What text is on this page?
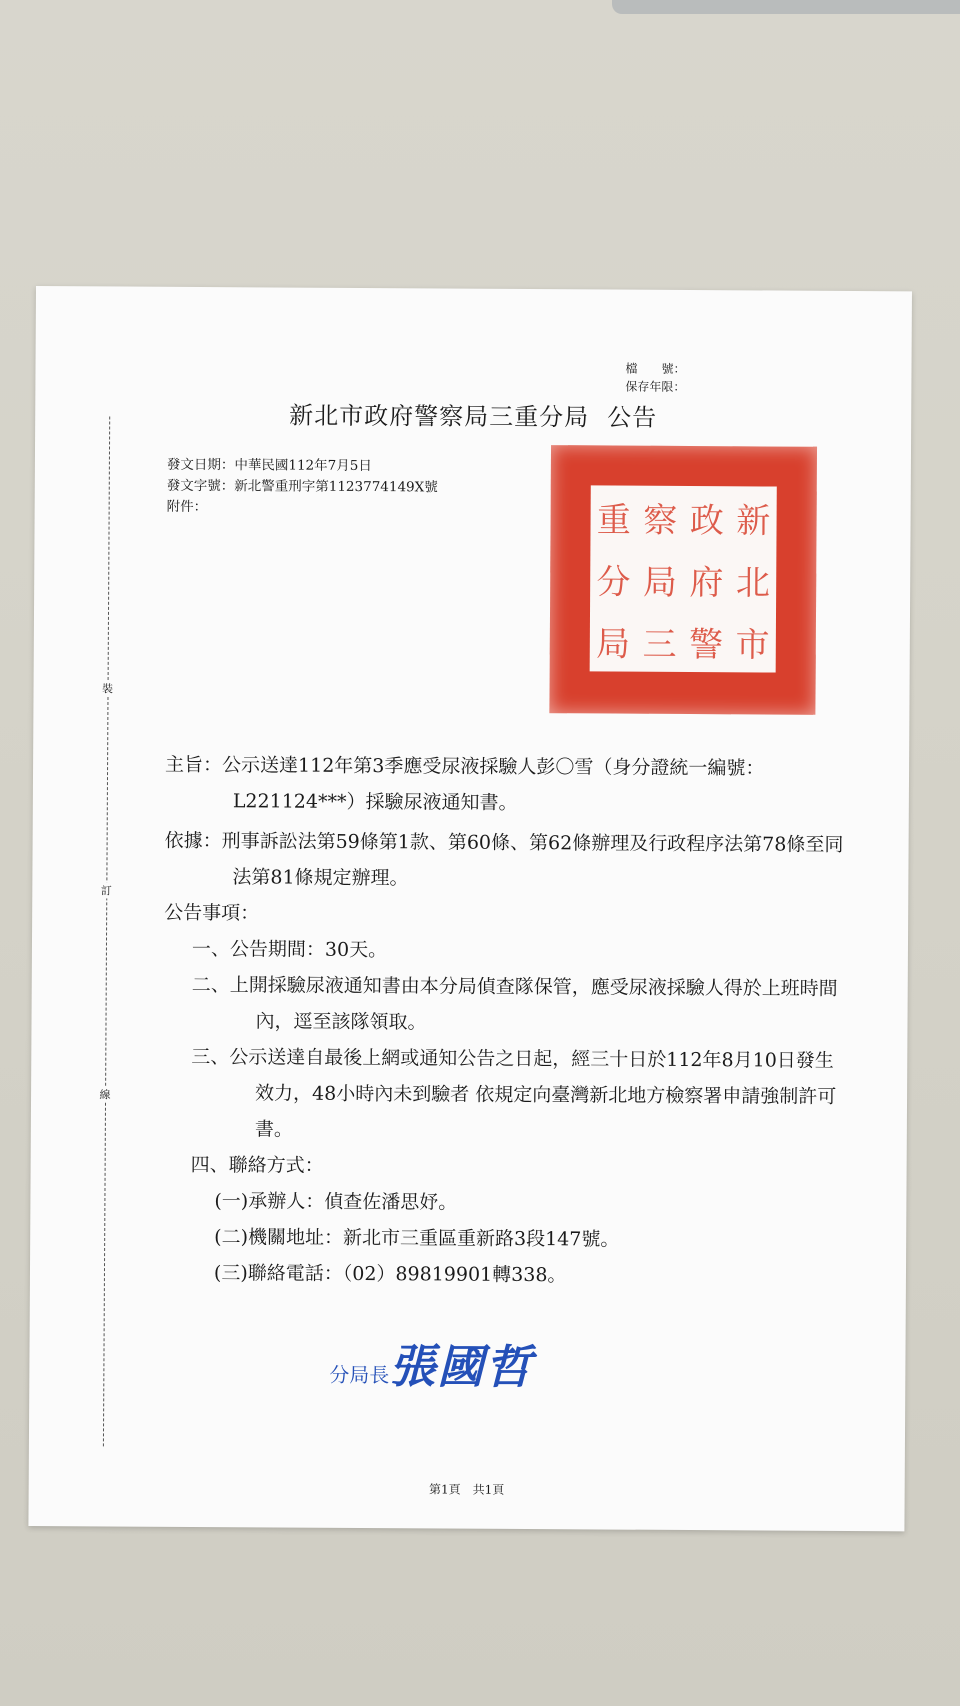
裝
訂
線
檔　　號：
保存年限：
新北市政府警察局三重分局 公告
發文日期：中華民國112年7月5日
發文字號：新北警重刑字第1123774149X號
附件：	新
北
市
政
府
警
察
局
三
重
分
局
主旨：公示送達112年第3季應受尿液採驗人彭〇雪（身分證統一編號：L221124***）採驗尿液通知書。
依據：刑事訴訟法第59條第1款、第60條、第62條辦理及行政程序法第78條至同法第81條規定辦理。
公告事項：
一、公告期間：30天。
二、上開採驗尿液通知書由本分局偵查隊保管，應受尿液採驗人得於上班時間內，逕至該隊領取。
三、公示送達自最後上網或通知公告之日起，經三十日於112年8月10日發生效力，48小時內未到驗者 依規定向臺灣新北地方檢察署申請強制許可書。
四、聯絡方式：
(一)承辦人：偵查佐潘思妤。
(二)機關地址：新北市三重區重新路3段147號。
(三)聯絡電話：（02）89819901轉338。
分局長張國哲
第1頁　共1頁
